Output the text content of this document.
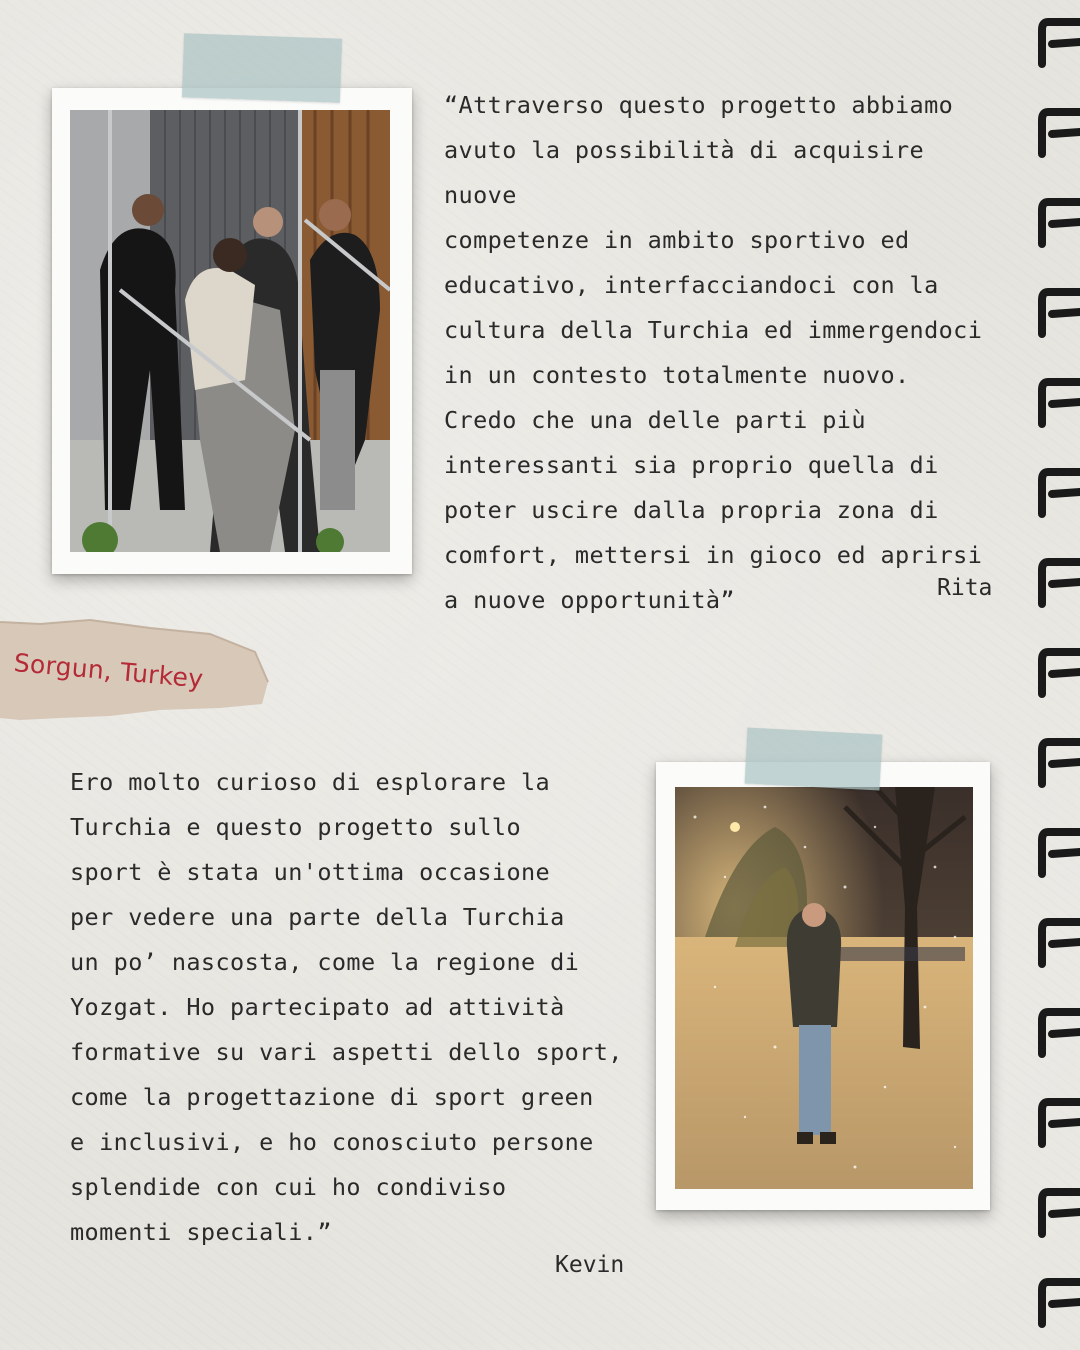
“Attraverso questo progetto abbiamo
avuto la possibilità di acquisire nuove
competenze in ambito sportivo ed
educativo, interfacciandoci con la
cultura della Turchia ed immergendoci
in un contesto totalmente nuovo.
Credo che una delle parti più
interessanti sia proprio quella di
poter uscire dalla propria zona di
comfort, mettersi in gioco ed aprirsi
a nuove opportunità”	Rita
Sorgun, Turkey

Ero molto curioso di esplorare la
Turchia e questo progetto sullo
sport è stata un'ottima occasione
per vedere una parte della Turchia
un po’ nascosta, come la regione di
Yozgat. Ho partecipato ad attività
formative su vari aspetti dello sport,
come la progettazione di sport green
e inclusivi, e ho conosciuto persone
splendide con cui ho condiviso
momenti speciali.”

Kevin
